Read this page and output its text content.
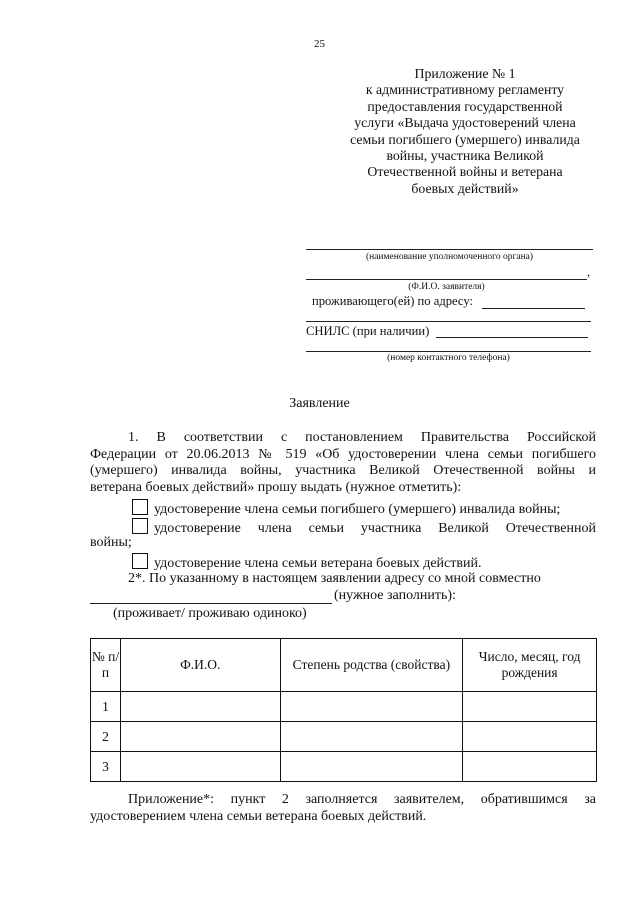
25
Приложение № 1
к административному регламенту
предоставления государственной
услуги «Выдача удостоверений члена
семьи погибшего (умершего) инвалида
войны, участника Великой
Отечественной войны и ветерана
боевых действий»
(наименование уполномоченного органа)
,
(Ф.И.О. заявителя)
проживающего(ей) по адресу:
СНИЛС (при наличии)
(номер контактного телефона)
Заявление
1. В соответствии с постановлением Правительства Российской
Федерации от 20.06.2013 № 519 «Об удостоверении члена семьи погибшего
(умершего) инвалида войны, участника Великой Отечественной войны и
ветерана боевых действий» прошу выдать (нужное отметить):
удостоверение члена семьи погибшего (умершего) инвалида войны;
удостоверение члена семьи участника Великой Отечественной
войны;
удостоверение члена семьи ветерана боевых действий.
2*. По указанному в настоящем заявлении адресу со мной совместно
(нужное заполнить):
(проживает/ проживаю одиноко)
№ п/п	Ф.И.О.	Степень родства (свойства)	Число, месяц, год рождения
1			
2			
3			
Приложение*: пункт 2 заполняется заявителем, обратившимся за
удостоверением члена семьи ветерана боевых действий.
